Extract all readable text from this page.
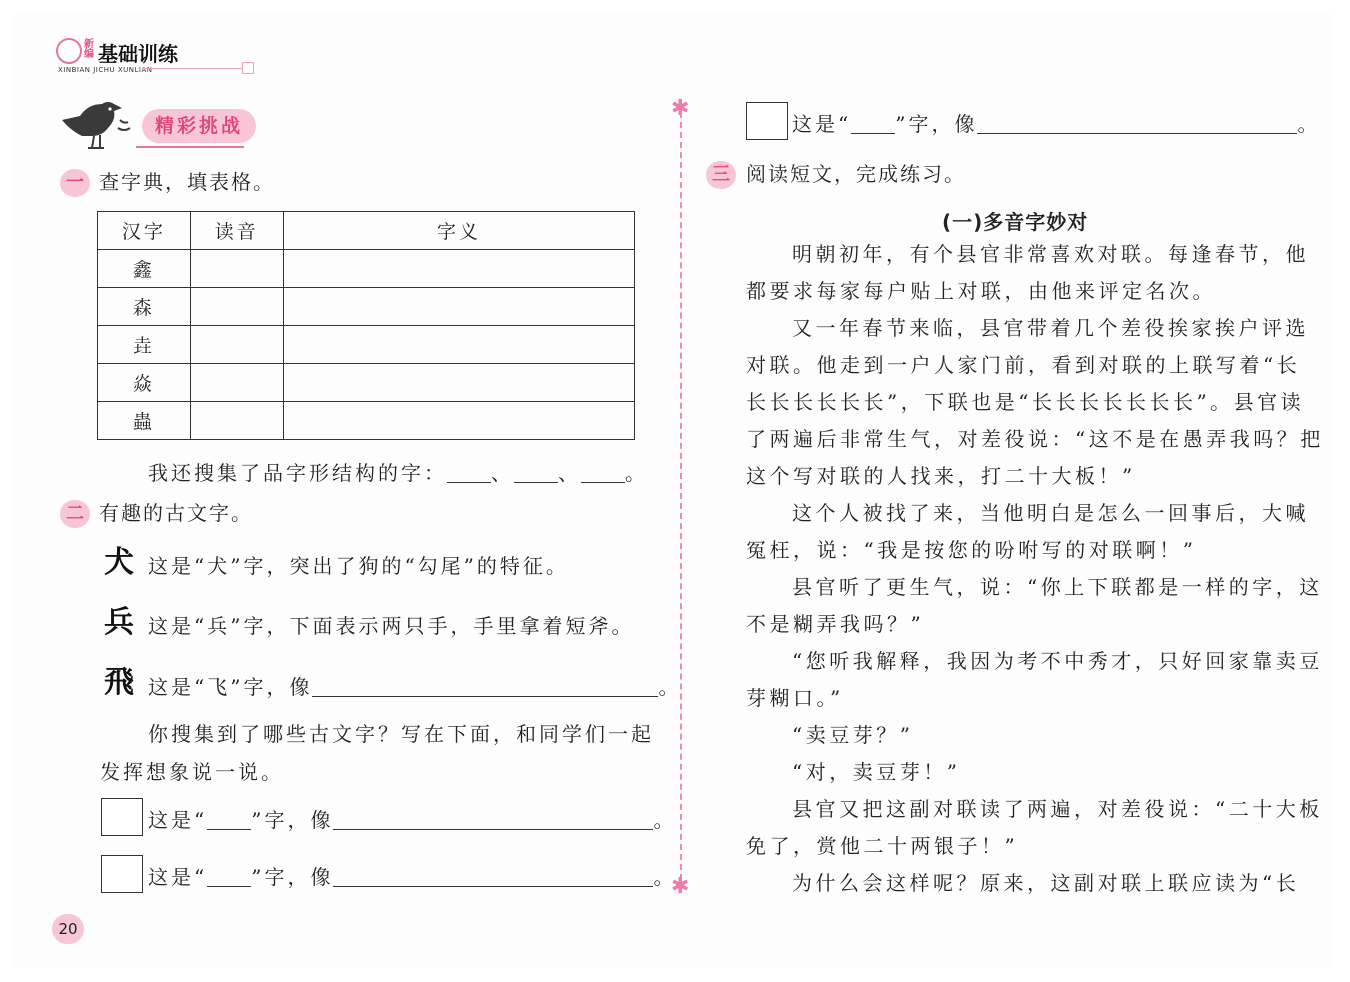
新编 基础训练
XINBIAN JICHU XUNLIAN
精彩挑战
一 查字典，填表格。
汉字	读音	字义
鑫		
森		
垚		
焱		
蟲		
我还搜集了品字形结构的字： 、 、 。
二 有趣的古文字。
犬 这是“犬”字，突出了狗的“勾尾”的特征。
兵 这是“兵”字，下面表示两只手，手里拿着短斧。
飛 这是“飞”字，像	。
你搜集到了哪些古文字？写在下面，和同学们一起
发挥想象说一说。
这是“ ”字，像	。
这是“ ”字，像	。
20
✱
✱
这是“ ”字，像	。
三 阅读短文，完成练习。
(一)多音字妙对
明朝初年，有个县官非常喜欢对联。每逢春节，他
都要求每家每户贴上对联，由他来评定名次。
又一年春节来临，县官带着几个差役挨家挨户评选
对联。他走到一户人家门前，看到对联的上联写着“长
长长长长长长”，下联也是“长长长长长长长”。县官读
了两遍后非常生气，对差役说：“这不是在愚弄我吗？把
这个写对联的人找来，打二十大板！”
这个人被找了来，当他明白是怎么一回事后，大喊
冤枉，说：“我是按您的吩咐写的对联啊！”
县官听了更生气，说：“你上下联都是一样的字，这
不是糊弄我吗？”
“您听我解释，我因为考不中秀才，只好回家靠卖豆
芽糊口。”
“卖豆芽？”
“对，卖豆芽！”
县官又把这副对联读了两遍，对差役说：“二十大板
免了，赏他二十两银子！”
为什么会这样呢？原来，这副对联上联应读为“长
